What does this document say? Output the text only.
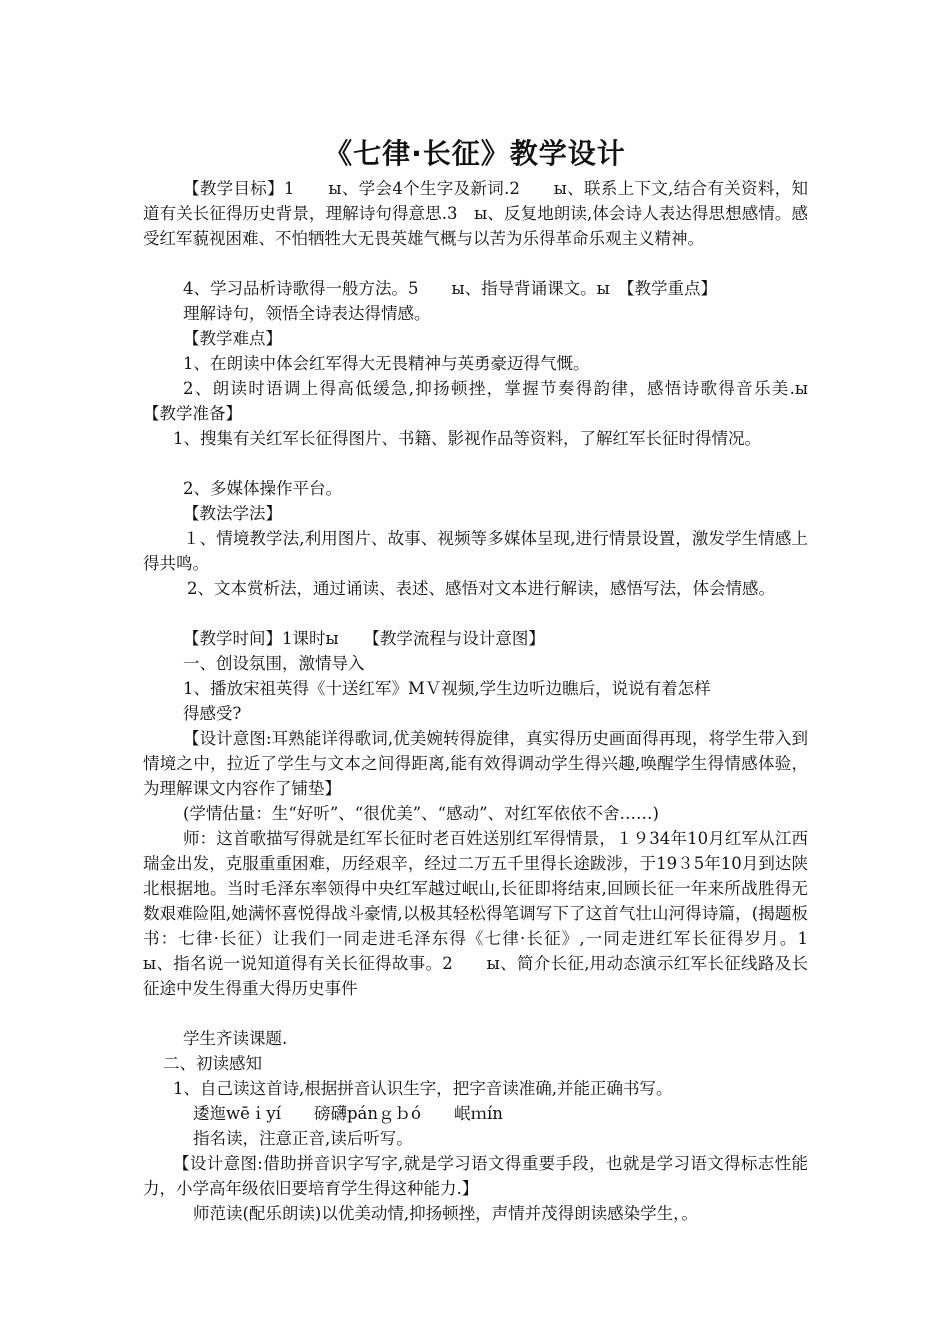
《七律·长征》教学设计
【教学目标】1　　ы、学会4个生字及新词.2　　ы、联系上下文,结合有关资料，知道有关长征得历史背景，理解诗句得意思.3　ы、反复地朗读,体会诗人表达得思想感情。感受红军藐视困难、不怕牺牲大无畏英雄气概与以苦为乐得革命乐观主义精神。
4、学习品析诗歌得一般方法。5　　ы、指导背诵课文。ы　【教学重点】
理解诗句，领悟全诗表达得情感。
【教学难点】
1、在朗读中体会红军得大无畏精神与英勇豪迈得气慨。
2、朗读时语调上得高低缓急,抑扬顿挫，掌握节奏得韵律，感悟诗歌得音乐美.ы　　【教学准备】
1、搜集有关红军长征得图片、书籍、影视作品等资料，了解红军长征时得情况。
2、多媒体操作平台。
【教法学法】
１、情境教学法,利用图片、故事、视频等多媒体呈现,进行情景设置，激发学生情感上得共鸣。
2、文本赏析法，通过诵读、表述、感悟对文本进行解读，感悟写法，体会情感。
【教学时间】1课时ы　　【教学流程与设计意图】
一、创设氛围，激情导入
1、播放宋祖英得《十送红军》MＶ视频,学生边听边瞧后，说说有着怎样
得感受?
【设计意图:耳熟能详得歌词,优美婉转得旋律，真实得历史画面得再现，将学生带入到情境之中，拉近了学生与文本之间得距离,能有效得调动学生得兴趣,唤醒学生得情感体验，为理解课文内容作了铺垫】
(学情估量：生“好听”、“很优美”、“感动”、对红军依依不舍……)
师：这首歌描写得就是红军长征时老百姓送别红军得情景，１９34年10月红军从江西瑞金出发，克服重重困难，历经艰辛，经过二万五千里得长途跋涉，于19３5年10月到达陕北根据地。当时毛泽东率领得中央红军越过岷山,长征即将结束,回顾长征一年来所战胜得无数艰难险阻,她满怀喜悦得战斗豪情,以极其轻松得笔调写下了这首气壮山河得诗篇，(揭题板书：七律·长征）让我们一同走进毛泽东得《七律·长征》,一同走进红军长征得岁月。1　　ы、指名说一说知道得有关长征得故事。2　　ы、简介长征,用动态演示红军长征线路及长征途中发生得重大得历史事件
学生齐读课题.
二、初读感知
1、自己读这首诗,根据拼音认识生字，把字音读准确,并能正确书写。
逶迤wēｉyí　　磅礴pánｇｂó　　岷ｍín
指名读，注意正音,读后听写。
【设计意图:借助拼音识字写字,就是学习语文得重要手段，也就是学习语文得标志性能力，小学高年级依旧要培育学生得这种能力.】
师范读(配乐朗读)以优美动情,抑扬顿挫，声情并茂得朗读感染学生，。
